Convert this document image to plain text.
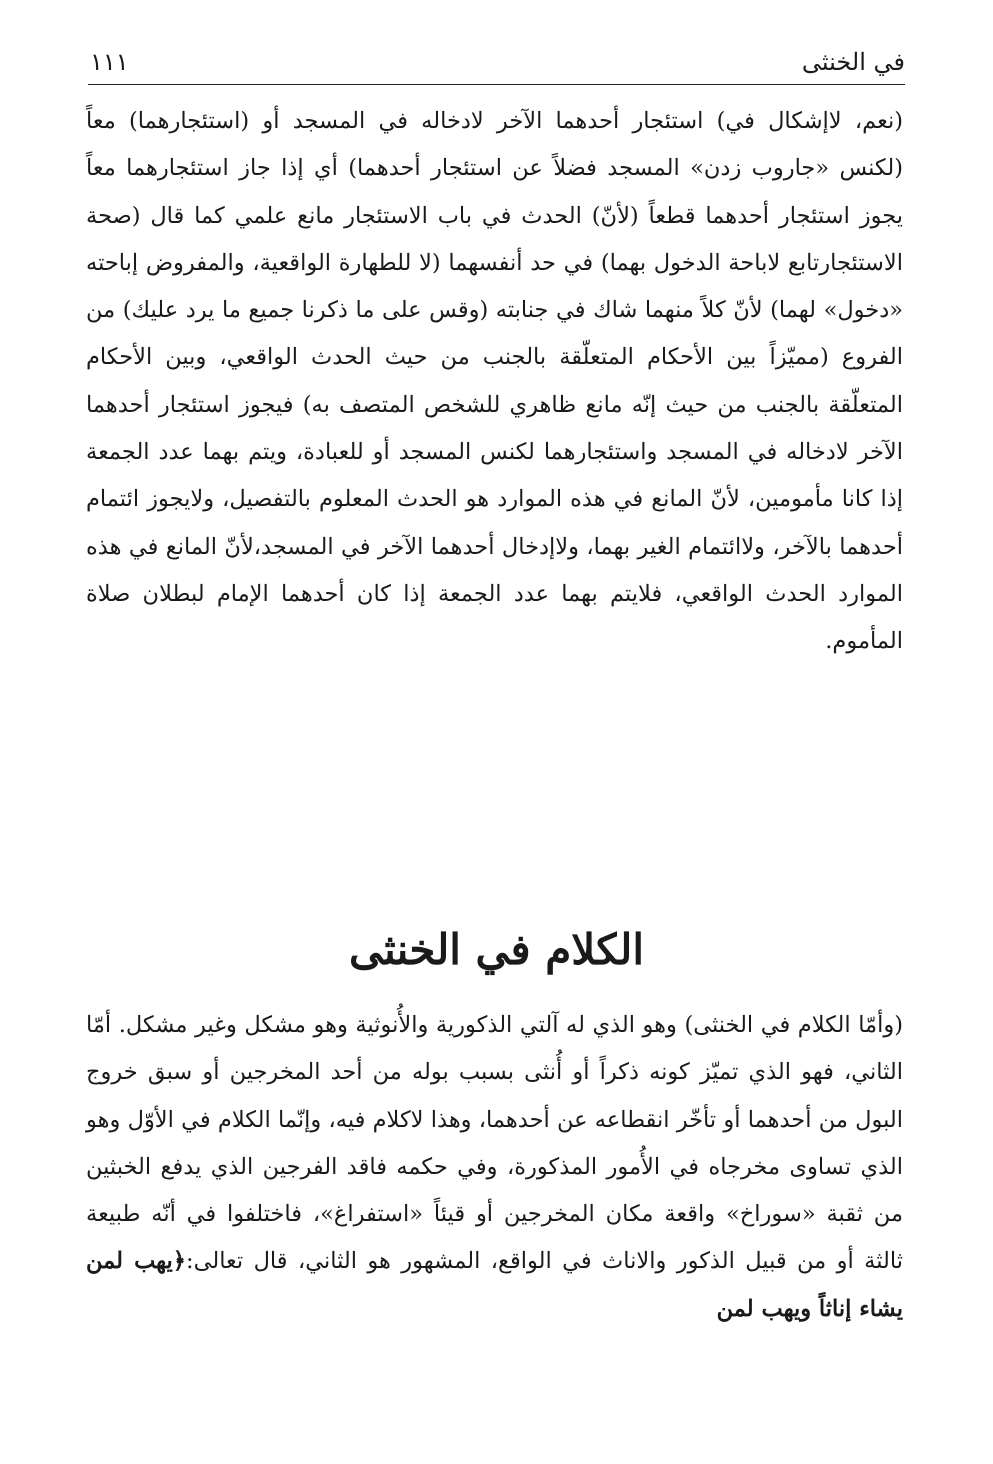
في الخنثى
١١١

(نعم، لاإشكال في) استئجار أحدهما الآخر لادخاله في المسجد أو (استئجارهما) معاً (لكنس «جاروب زدن» المسجد فضلاً عن استئجار أحدهما) أي إذا جاز استئجارهما معاً يجوز استئجار أحدهما قطعاً (لأنّ) الحدث في باب الاستئجار مانع علمي كما قال (صحة الاستئجارتابع لاباحة الدخول بهما) في حد أنفسهما (لا للطهارة الواقعية، والمفروض إباحته «دخول» لهما) لأنّ كلاً منهما شاك في جنابته (وقس على ما ذكرنا جميع ما يرد عليك) من الفروع (مميّزاً بين الأحكام المتعلّقة بالجنب من حيث الحدث الواقعي، وبين الأحكام المتعلّقة بالجنب من حيث إنّه مانع ظاهري للشخص المتصف به) فيجوز استئجار أحدهما الآخر لادخاله في المسجد واستئجارهما لكنس المسجد أو للعبادة، ويتم بهما عدد الجمعة إذا كانا مأمومين، لأنّ المانع في هذه الموارد هو الحدث المعلوم بالتفصيل، ولايجوز ائتمام أحدهما بالآخر، ولاائتمام الغير بهما، ولاإدخال أحدهما الآخر في المسجد،لأنّ المانع في هذه الموارد الحدث الواقعي، فلايتم بهما عدد الجمعة إذا كان أحدهما الإمام لبطلان صلاة المأموم.

الكلام في الخنثى

(وأمّا الكلام في الخنثى) وهو الذي له آلتي الذكورية والأُنوثية وهو مشكل وغير مشكل. أمّا الثاني، فهو الذي تميّز كونه ذكراً أو أُنثى بسبب بوله من أحد المخرجين أو سبق خروج البول من أحدهما أو تأخّر انقطاعه عن أحدهما، وهذا لاكلام فيه، وإنّما الكلام في الأوّل وهو الذي تساوى مخرجاه في الأُمور المذكورة، وفي حكمه فاقد الفرجين الذي يدفع الخبثين من ثقبة «سوراخ» واقعة مكان المخرجين أو قيئاً «استفراغ»، فاختلفوا في أنّه طبيعة ثالثة أو من قبيل الذكور والاناث في الواقع، المشهور هو الثاني، قال تعالى:﴿يهب لمن يشاء إناثاً ويهب لمن
